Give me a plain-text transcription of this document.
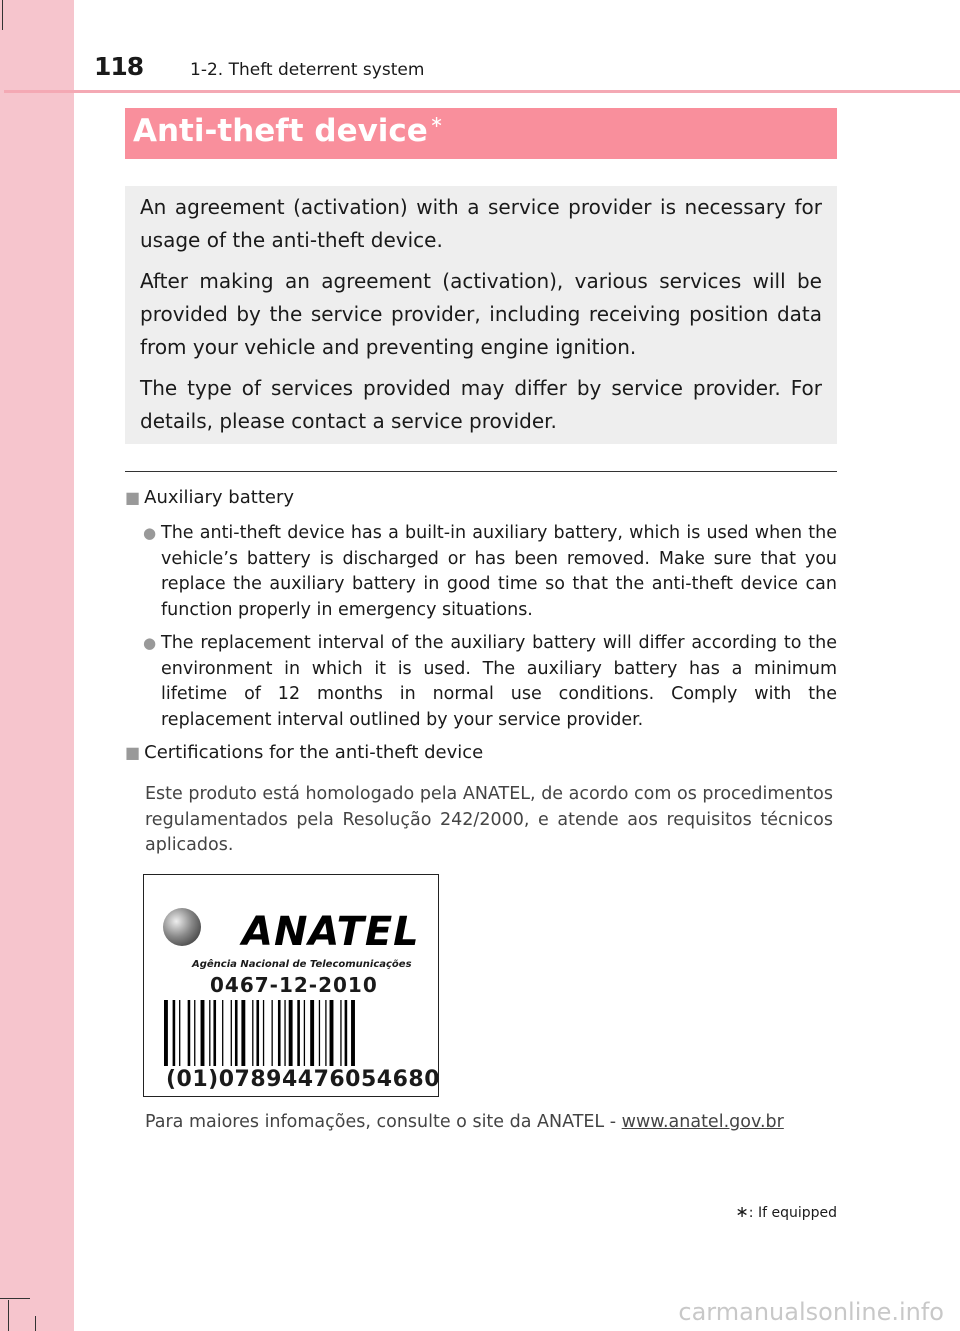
118	1-2. Theft deterrent system
Anti-theft device ∗

An agreement (activation) with a service provider is necessary for usage of the anti-theft device.

After making an agreement (activation), various services will be provided by the service provider, including receiving position data from your vehicle and preventing engine ignition.

The type of services provided may differ by service provider. For details, please contact a service provider.

■ Auxiliary battery
● The anti-theft device has a built-in auxiliary battery, which is used when the vehicle’s battery is discharged or has been removed. Make sure that you replace the auxiliary battery in good time so that the anti-theft device can function properly in emergency situations.
● The replacement interval of the auxiliary battery will differ according to the environment in which it is used. The auxiliary battery has a minimum lifetime of 12 months in normal use conditions. Comply with the replacement interval outlined by your service provider.
■ Certifications for the anti-theft device
Este produto está homologado pela ANATEL, de acordo com os procedimentos regulamentados pela Resolução 242/2000, e atende aos requisitos técnicos aplicados.
ANATEL
Agência Nacional de Telecomunicações
0467-12-2010
(01)07894476054680
Para maiores infomações, consulte o site da ANATEL - www.anatel.gov.br
∗: If equipped
carmanualsonline.info
